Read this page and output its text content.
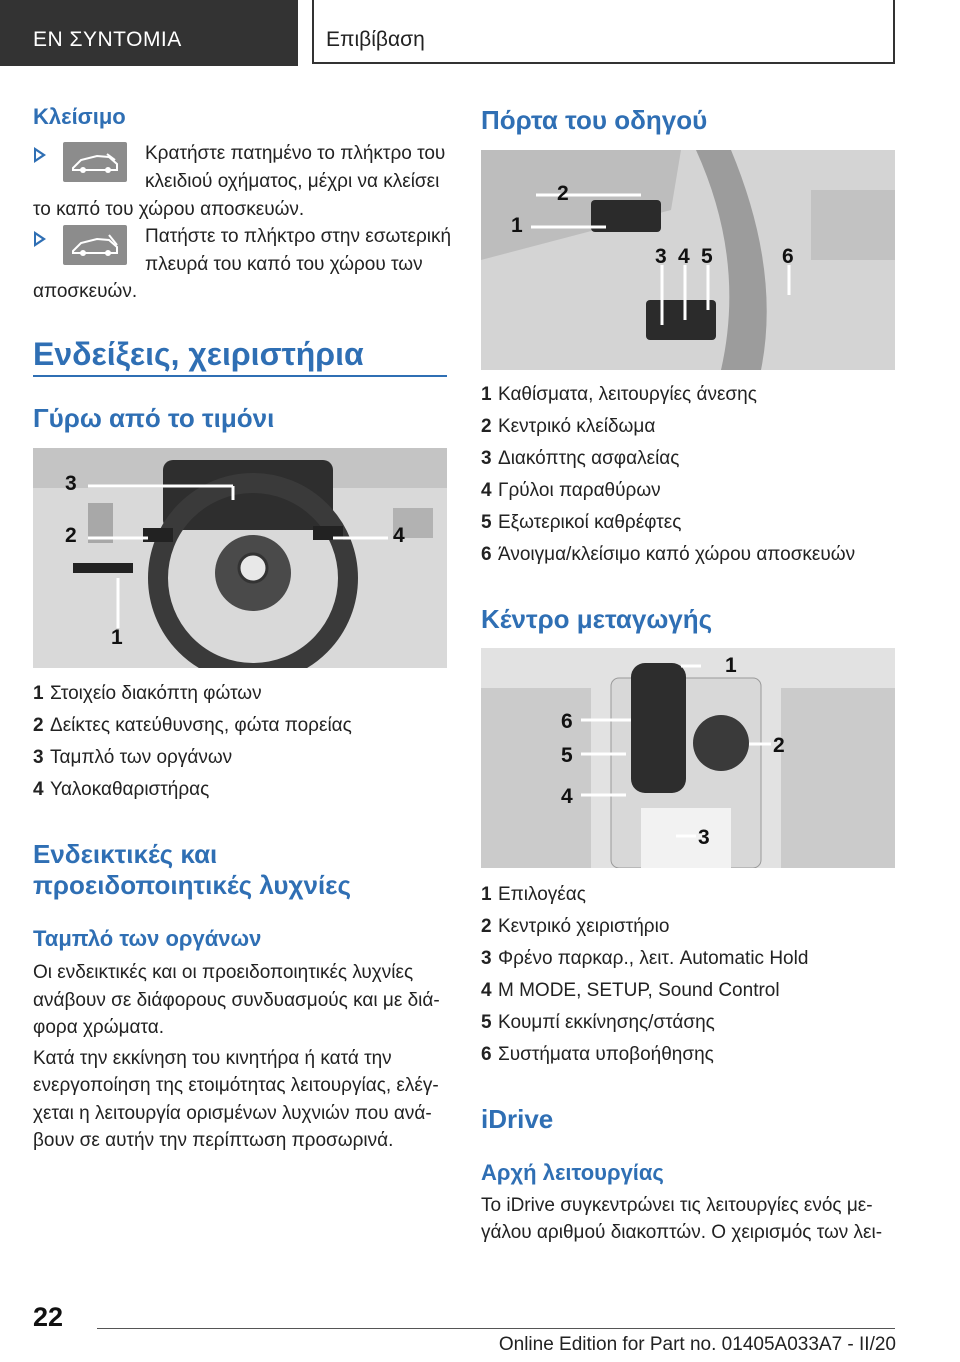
ΕΝ ΣΥΝΤΟΜΙΑ	Επιβίβαση
Κλείσιμο
Κρατήστε πατημένο το πλήκτρο του
κλειδιού οχήματος, μέχρι να κλείσει
το καπό του χώρου αποσκευών.
Πατήστε το πλήκτρο στην εσωτερική
πλευρά του καπό του χώρου των
αποσκευών.
Ενδείξεις, χειριστήρια
Γύρω από το τιμόνι
3
2	4
1
1 Στοιχείο διακόπτη φώτων
2 Δείκτες κατεύθυνσης, φώτα πορείας
3 Ταμπλό των οργάνων
4 Υαλοκαθαριστήρας
Ενδεικτικές και
προειδοποιητικές λυχνίες
Ταμπλό των οργάνων
Οι ενδεικτικές και οι προειδοποιητικές λυχνίες
ανάβουν σε διάφορους συνδυασμούς και με διά-
φορα χρώματα.
Κατά την εκκίνηση του κινητήρα ή κατά την
ενεργοποίηση της ετοιμότητας λειτουργίας, ελέγ-
χεται η λειτουργία ορισμένων λυχνιών που ανά-
βουν σε αυτήν την περίπτωση προσωρινά.
Πόρτα του οδηγού
2
1
3 4 5	6
1 Καθίσματα, λειτουργίες άνεσης
2 Κεντρικό κλείδωμα
3 Διακόπτης ασφαλείας
4 Γρύλοι παραθύρων
5 Εξωτερικοί καθρέφτες
6 Άνοιγμα/κλείσιμο καπό χώρου αποσκευών
Κέντρο μεταγωγής
1
6
5
4
2
3
1 Επιλογέας
2 Κεντρικό χειριστήριο
3 Φρένο παρκαρ., λειτ. Automatic Hold
4 M MODE, SETUP, Sound Control
5 Κουμπί εκκίνησης/στάσης
6 Συστήματα υποβοήθησης
iDrive
Αρχή λειτουργίας
Το iDrive συγκεντρώνει τις λειτουργίες ενός με-
γάλου αριθμού διακοπτών. Ο χειρισμός των λει-
22
Online Edition for Part no. 01405A033A7 - II/20
